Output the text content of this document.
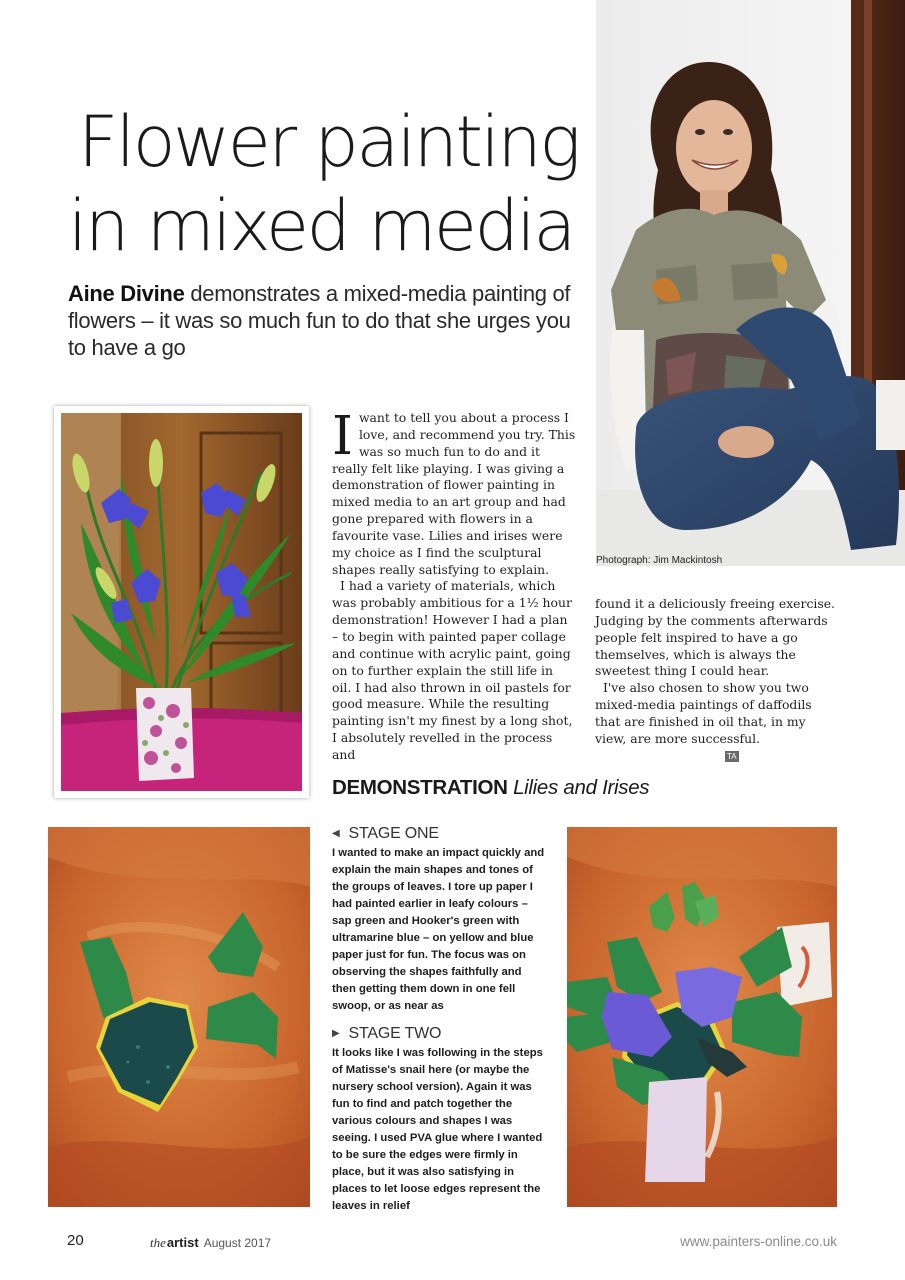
Flower painting
in mixed media

Aine Divine demonstrates a mixed-media painting of flowers – it was so much fun to do that she urges you to have a go

Photograph: Jim Mackintosh

Iwant to tell you about a process I love, and recommend you try. This was so much fun to do and it really felt like playing. I was giving a demonstration of flower painting in mixed media to an art group and had gone prepared with flowers in a favourite vase. Lilies and irises were my choice as I find the sculptural shapes really satisfying to explain.

I had a variety of materials, which was probably ambitious for a 1½ hour demonstration! However I had a plan – to begin with painted paper collage and continue with acrylic paint, going on to further explain the still life in oil. I had also thrown in oil pastels for good measure. While the resulting painting isn't my finest by a long shot, I absolutely revelled in the process and

found it a deliciously freeing exercise. Judging by the comments afterwards people felt inspired to have a go themselves, which is always the sweetest thing I could hear.

I've also chosen to show you two mixed-media paintings of daffodils that are finished in oil that, in my view, are more successful.TA

DEMONSTRATION Lilies and Irises
◀ STAGE ONE

I wanted to make an impact quickly and explain the main shapes and tones of the groups of leaves. I tore up paper I had painted earlier in leafy colours – sap green and Hooker's green with ultramarine blue – on yellow and blue paper just for fun. The focus was on observing the shapes faithfully and then getting them down in one fell swoop, or as near as

▶ STAGE TWO

It looks like I was following in the steps of Matisse's snail here (or maybe the nursery school version). Again it was fun to find and patch together the various colours and shapes I was seeing. I used PVA glue where I wanted to be sure the edges were firmly in place, but it was also satisfying in places to let loose edges represent the leaves in relief

20	theartist August 2017	www.painters-online.co.uk
